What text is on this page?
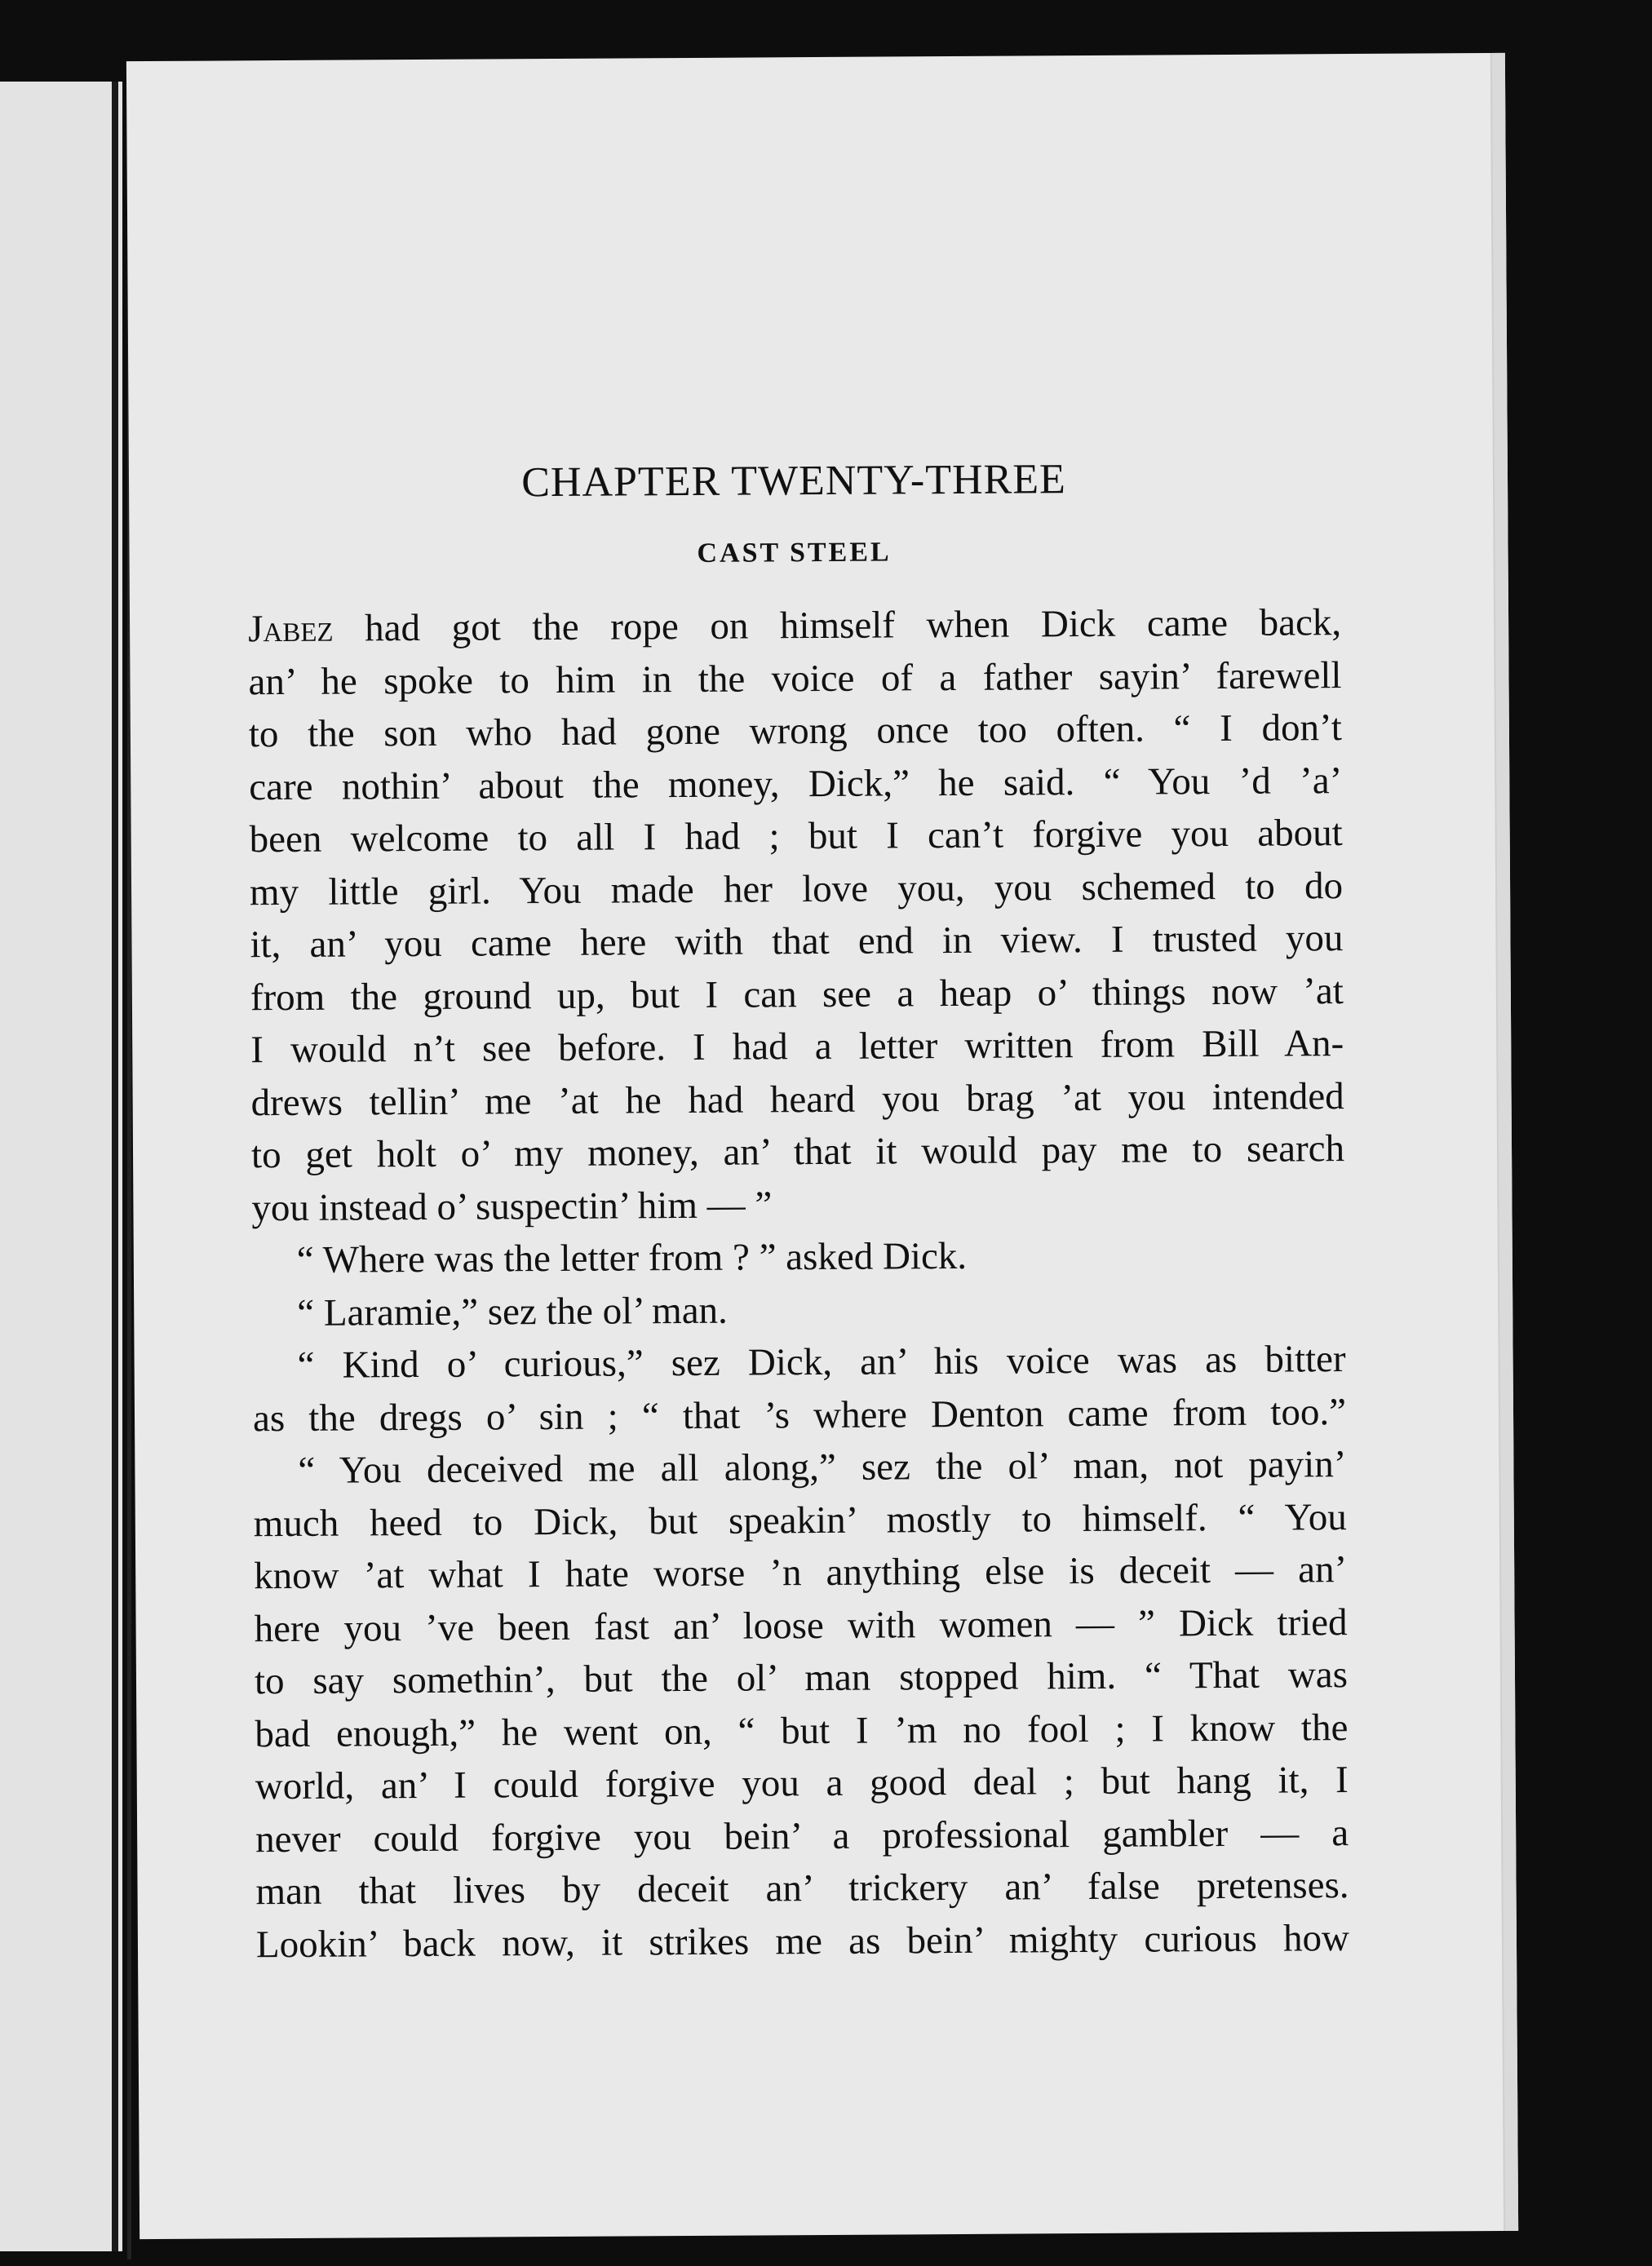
CHAPTER TWENTY-THREE
CAST STEEL
Jabez had got the rope on himself when Dick came back,
an’ he spoke to him in the voice of a father sayin’ farewell
to the son who had gone wrong once too often. “ I don’t
care nothin’ about the money, Dick,” he said. “ You ’d ’a’
been welcome to all I had ; but I can’t forgive you about
my little girl. You made her love you, you schemed to do
it, an’ you came here with that end in view. I trusted you
from the ground up, but I can see a heap o’ things now ’at
I would n’t see before. I had a letter written from Bill An-
drews tellin’ me ’at he had heard you brag ’at you intended
to get holt o’ my money, an’ that it would pay me to search
you instead o’ suspectin’ him — ”
“ Where was the letter from ? ” asked Dick.
“ Laramie,” sez the ol’ man.
“ Kind o’ curious,” sez Dick, an’ his voice was as bitter
as the dregs o’ sin ; “ that ’s where Denton came from too.”
“ You deceived me all along,” sez the ol’ man, not payin’
much heed to Dick, but speakin’ mostly to himself. “ You
know ’at what I hate worse ’n anything else is deceit — an’
here you ’ve been fast an’ loose with women — ” Dick tried
to say somethin’, but the ol’ man stopped him. “ That was
bad enough,” he went on, “ but I ’m no fool ; I know the
world, an’ I could forgive you a good deal ; but hang it, I
never could forgive you bein’ a professional gambler — a
man that lives by deceit an’ trickery an’ false pretenses.
Lookin’ back now, it strikes me as bein’ mighty curious how
